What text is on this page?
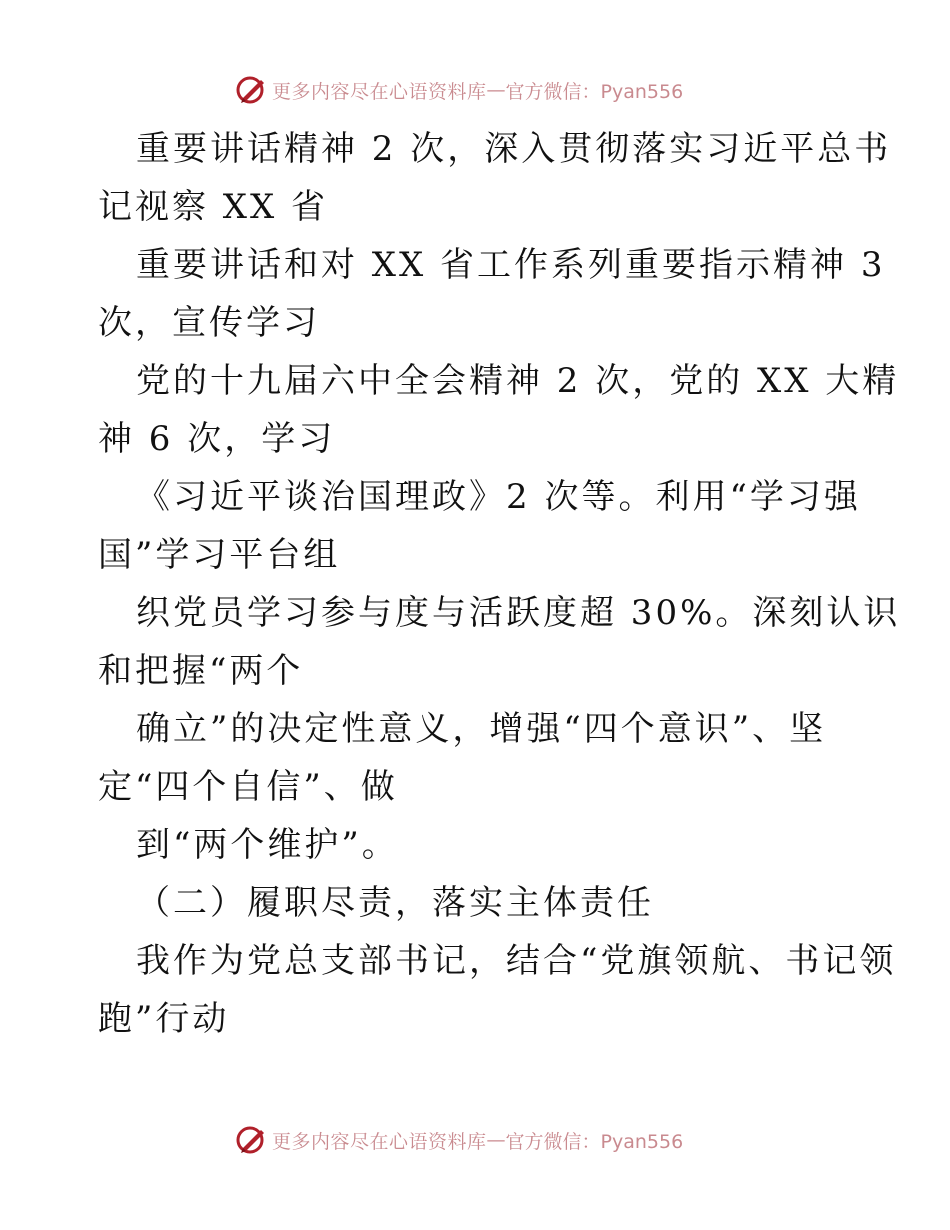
更多内容尽在心语资料库 — 官方微信：Pyan556
重要讲话精神 2 次，深入贯彻落实习近平总书
记视察 XX 省
重要讲话和对 XX 省工作系列重要指示精神 3
次，宣传学习
党的十九届六中全会精神 2 次，党的 XX 大精
神 6 次，学习
《习近平谈治国理政》2 次等。利用“学习强
国”学习平台组
织党员学习参与度与活跃度超 30%。深刻认识
和把握“两个
确立”的决定性意义，增强“四个意识”、坚
定“四个自信”、做
到“两个维护”。
（二）履职尽责，落实主体责任
我作为党总支部书记，结合“党旗领航、书记领
跑”行动
更多内容尽在心语资料库 — 官方微信：Pyan556
